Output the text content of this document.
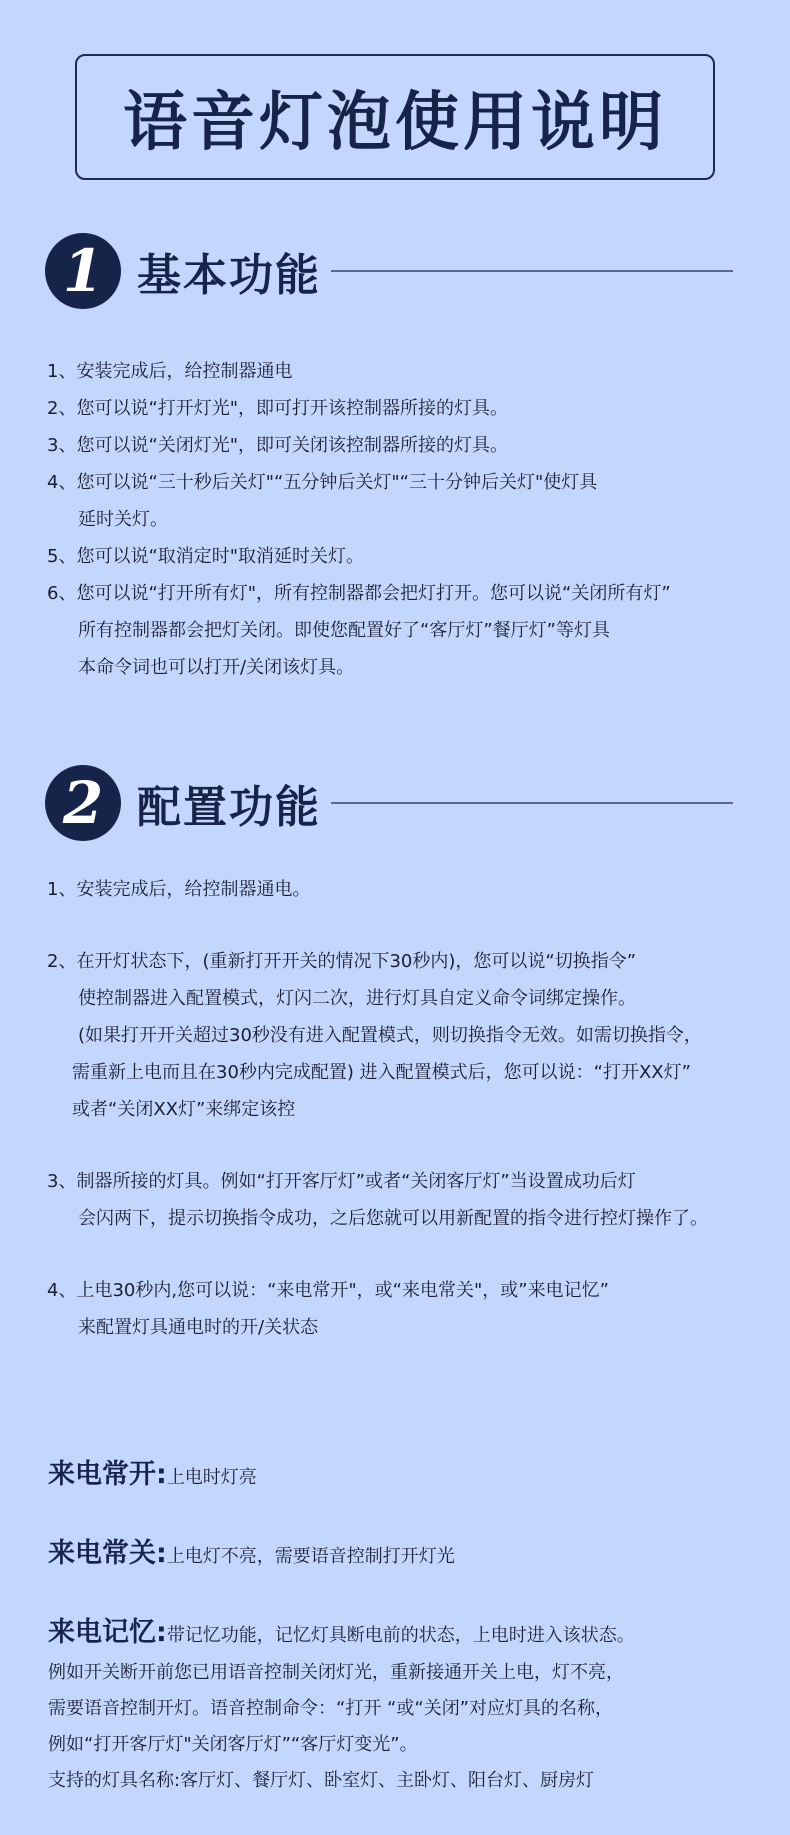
语音灯泡使用说明
1 基本功能
1、安装完成后，给控制器通电
2、您可以说“打开灯光"，即可打开该控制器所接的灯具。
3、您可以说“关闭灯光"，即可关闭该控制器所接的灯具。
4、您可以说“三十秒后关灯"“五分钟后关灯"“三十分钟后关灯"使灯具
延时关灯。
5、您可以说“取消定时"取消延时关灯。
6、您可以说“打开所有灯"，所有控制器都会把灯打开。您可以说“关闭所有灯”
所有控制器都会把灯关闭。即使您配置好了“客厅灯”餐厅灯”等灯具
本命令词也可以打开/关闭该灯具。
2 配置功能
1、安装完成后，给控制器通电。
2、在开灯状态下，(重新打开开关的情况下30秒内)，您可以说“切换指令”
使控制器进入配置模式，灯闪二次，进行灯具自定义命令词绑定操作。
(如果打开开关超过30秒没有进入配置模式，则切换指令无效。如需切换指令，
需重新上电而且在30秒内完成配置) 进入配置模式后，您可以说：“打开XX灯”
或者“关闭XX灯”来绑定该控
3、制器所接的灯具。例如“打开客厅灯”或者“关闭客厅灯”当设置成功后灯
会闪两下，提示切换指令成功，之后您就可以用新配置的指令进行控灯操作了。
4、上电30秒内,您可以说：“来电常开"，或“来电常关"，或”来电记忆”
来配置灯具通电时的开/关状态
来电常开: 上电时灯亮
来电常关: 上电灯不亮，需要语音控制打开灯光
来电记忆: 带记忆功能，记忆灯具断电前的状态，上电时进入该状态。
例如开关断开前您已用语音控制关闭灯光，重新接通开关上电，灯不亮，
需要语音控制开灯。语音控制命令：“打开 “或“关闭”对应灯具的名称，
例如“打开客厅灯"关闭客厅灯”“客厅灯变光”。
支持的灯具名称:客厅灯、餐厅灯、卧室灯、主卧灯、阳台灯、厨房灯
